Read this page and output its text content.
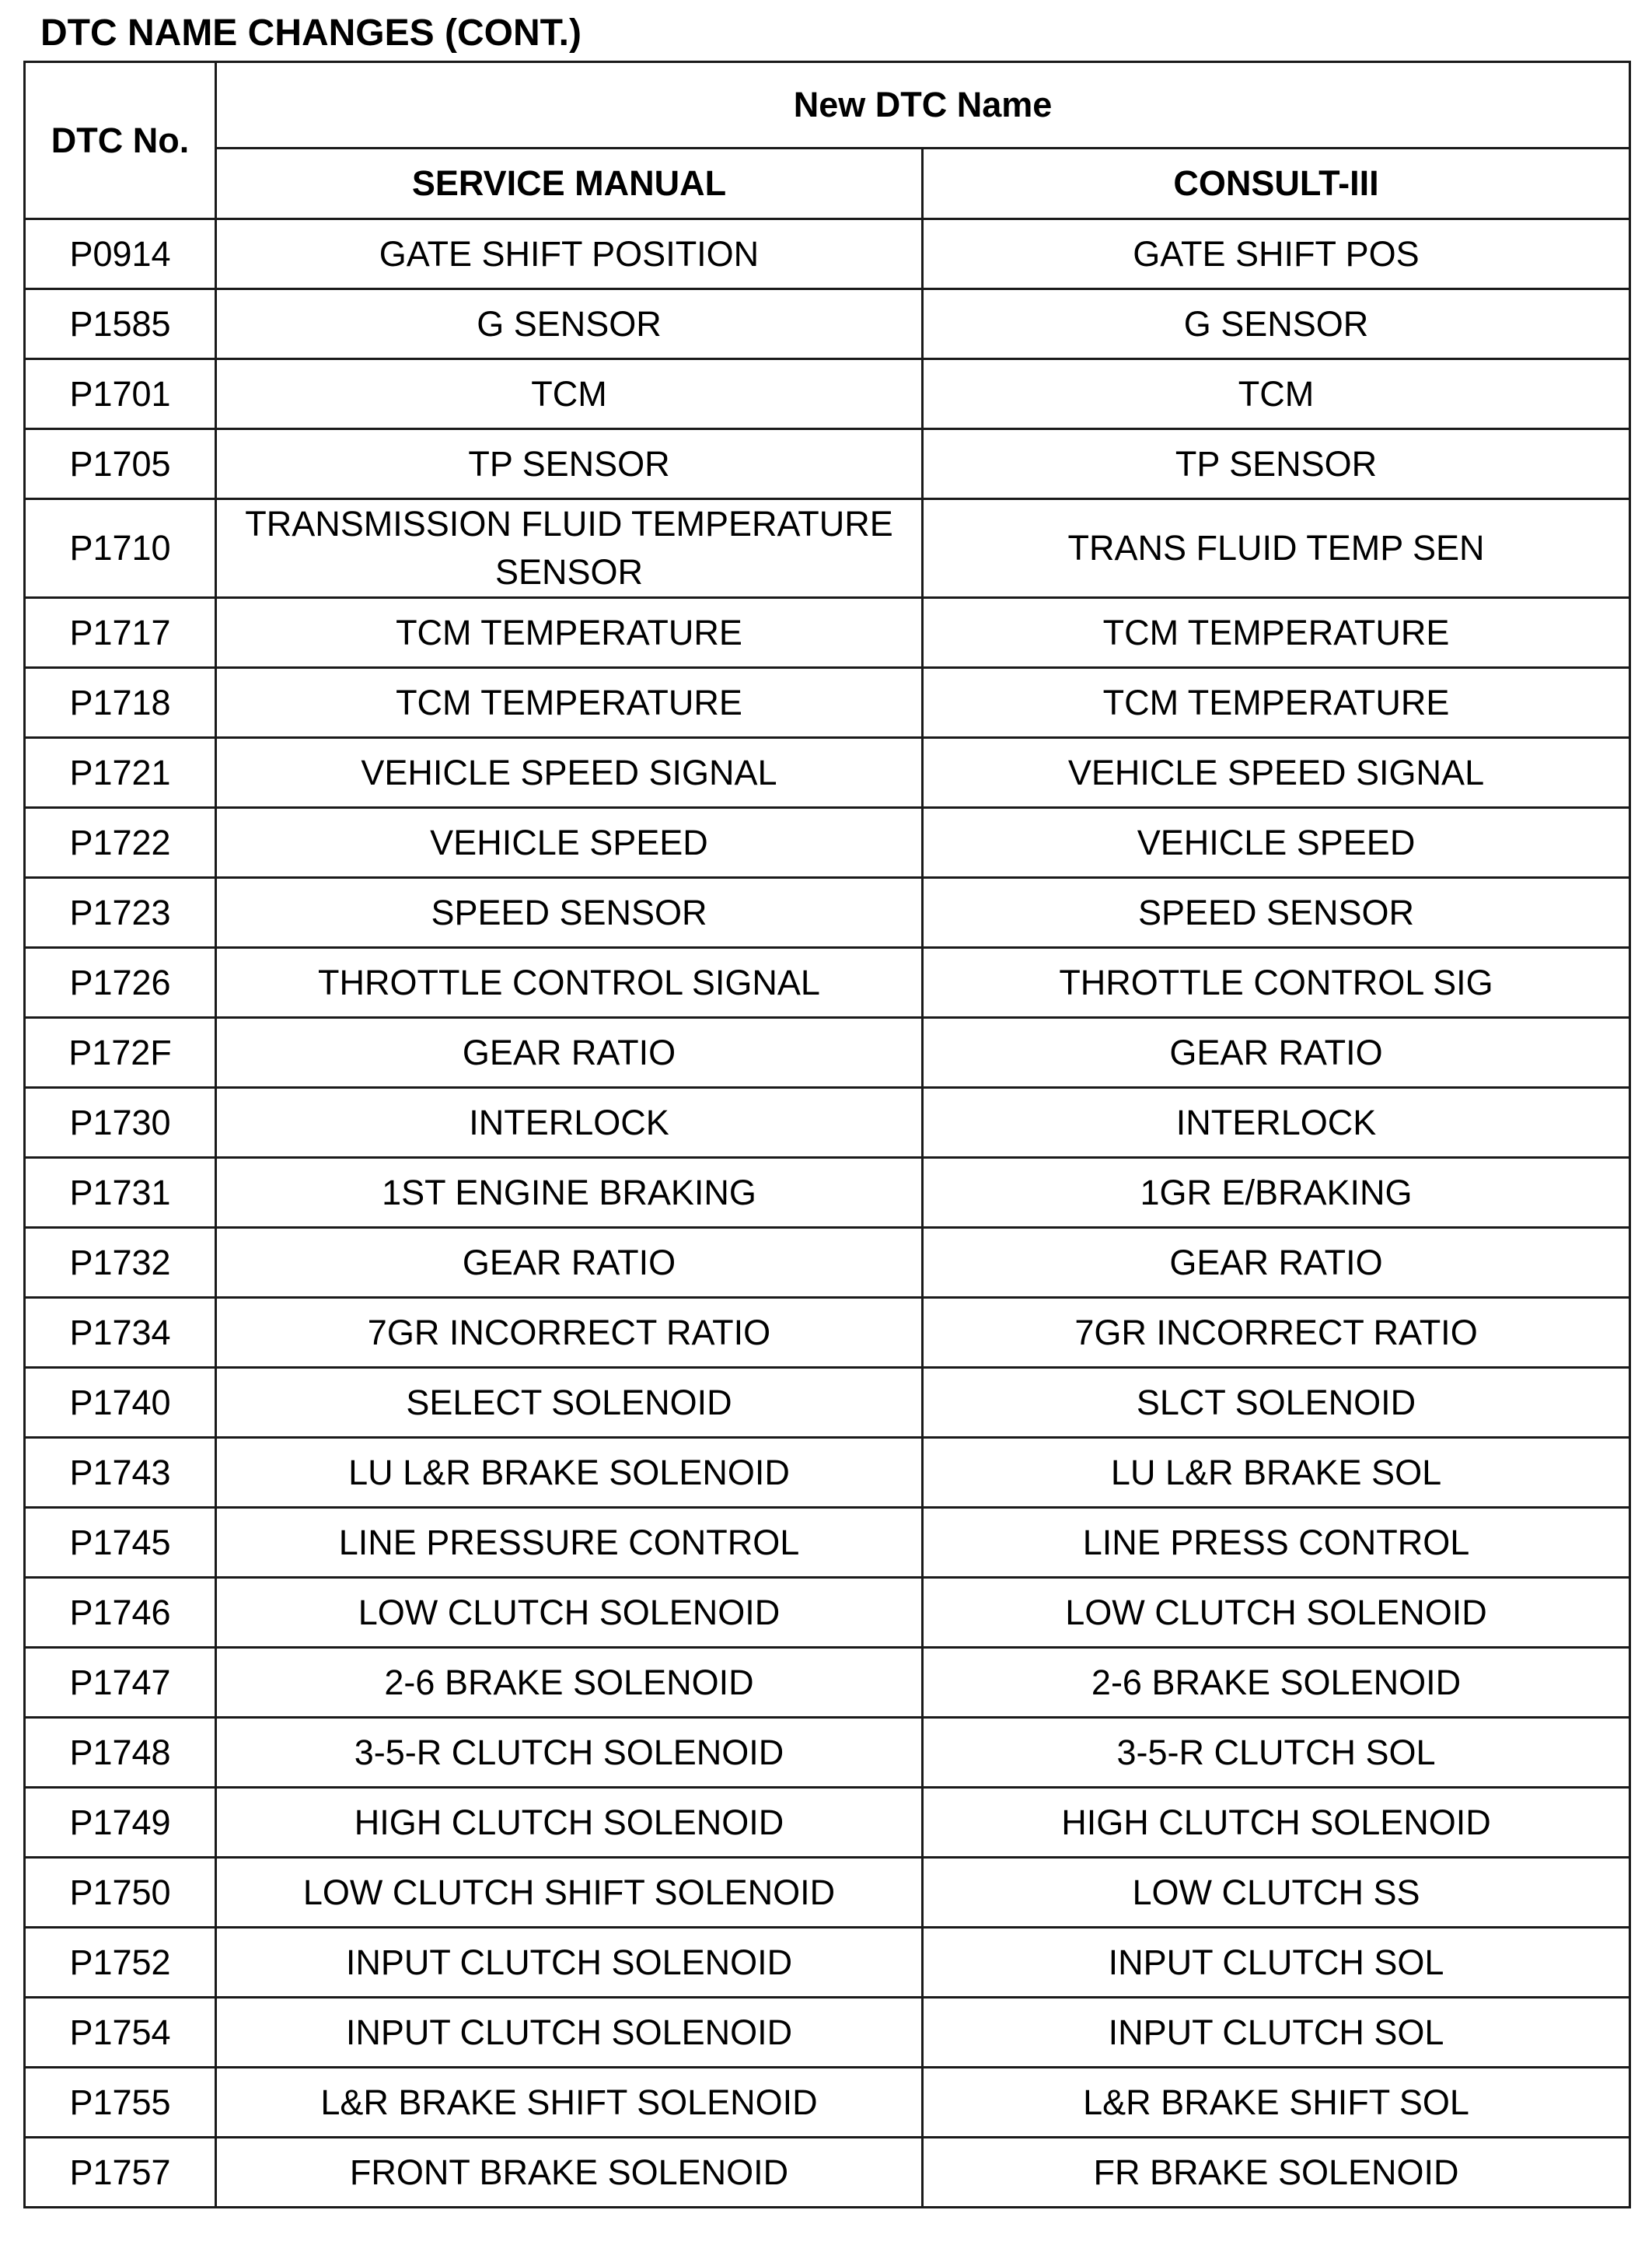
DTC NAME CHANGES (CONT.)
DTC No.	New DTC Name	
	SERVICE MANUAL	CONSULT-III
P0914	GATE SHIFT POSITION	GATE SHIFT POS
P1585	G SENSOR	G SENSOR
P1701	TCM	TCM
P1705	TP SENSOR	TP SENSOR
P1710	TRANSMISSION FLUID TEMPERATURE SENSOR	TRANS FLUID TEMP SEN
P1717	TCM TEMPERATURE	TCM TEMPERATURE
P1718	TCM TEMPERATURE	TCM TEMPERATURE
P1721	VEHICLE SPEED SIGNAL	VEHICLE SPEED SIGNAL
P1722	VEHICLE SPEED	VEHICLE SPEED
P1723	SPEED SENSOR	SPEED SENSOR
P1726	THROTTLE CONTROL SIGNAL	THROTTLE CONTROL SIG
P172F	GEAR RATIO	GEAR RATIO
P1730	INTERLOCK	INTERLOCK
P1731	1ST ENGINE BRAKING	1GR E/BRAKING
P1732	GEAR RATIO	GEAR RATIO
P1734	7GR INCORRECT RATIO	7GR INCORRECT RATIO
P1740	SELECT SOLENOID	SLCT SOLENOID
P1743	LU L&R BRAKE SOLENOID	LU L&R BRAKE SOL
P1745	LINE PRESSURE CONTROL	LINE PRESS CONTROL
P1746	LOW CLUTCH SOLENOID	LOW CLUTCH SOLENOID
P1747	2-6 BRAKE SOLENOID	2-6 BRAKE SOLENOID
P1748	3-5-R CLUTCH SOLENOID	3-5-R CLUTCH SOL
P1749	HIGH CLUTCH SOLENOID	HIGH CLUTCH SOLENOID
P1750	LOW CLUTCH SHIFT SOLENOID	LOW CLUTCH SS
P1752	INPUT CLUTCH SOLENOID	INPUT CLUTCH SOL
P1754	INPUT CLUTCH SOLENOID	INPUT CLUTCH SOL
P1755	L&R BRAKE SHIFT SOLENOID	L&R BRAKE SHIFT SOL
P1757	FRONT BRAKE SOLENOID	FR BRAKE SOLENOID
